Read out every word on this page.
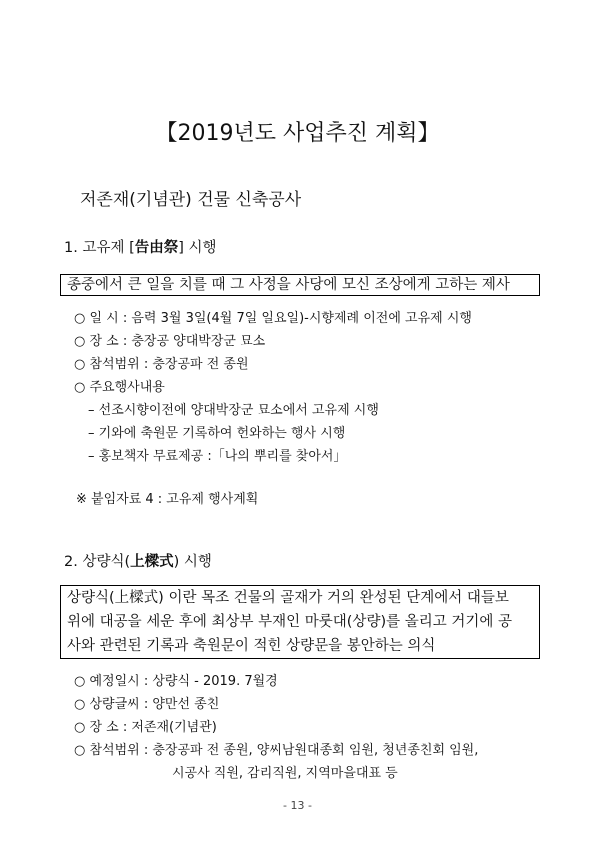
【2019년도 사업추진 계획】
저존재(기념관) 건물 신축공사
1. 고유제 [告由祭] 시행
종중에서 큰 일을 치를 때 그 사정을 사당에 모신 조상에게 고하는 제사
○ 일 시 : 음력 3월 3일(4월 7일 일요일)-시향제례 이전에 고유제 시행
○ 장 소 : 충장공 양대박장군 묘소
○ 참석범위 : 충장공파 전 종원
○ 주요행사내용
– 선조시향이전에 양대박장군 묘소에서 고유제 시행
– 기와에 축원문 기록하여 헌와하는 행사 시행
– 홍보책자 무료제공 :「나의 뿌리를 찾아서」
※ 붙임자료 4 : 고유제 행사계획
2. 상량식(上樑式) 시행
상량식(上樑式) 이란 목조 건물의 골재가 거의 완성된 단계에서 대들보
위에 대공을 세운 후에 최상부 부재인 마룻대(상량)를 올리고 거기에 공
사와 관련된 기록과 축원문이 적힌 상량문을 봉안하는 의식
○ 예정일시 : 상량식 - 2019. 7월경
○ 상량글씨 : 양만선 종친
○ 장 소 : 저존재(기념관)
○ 참석범위 : 충장공파 전 종원, 양씨남원대종회 임원, 청년종친회 임원,
시공사 직원, 감리직원, 지역마을대표 등
- 13 -
